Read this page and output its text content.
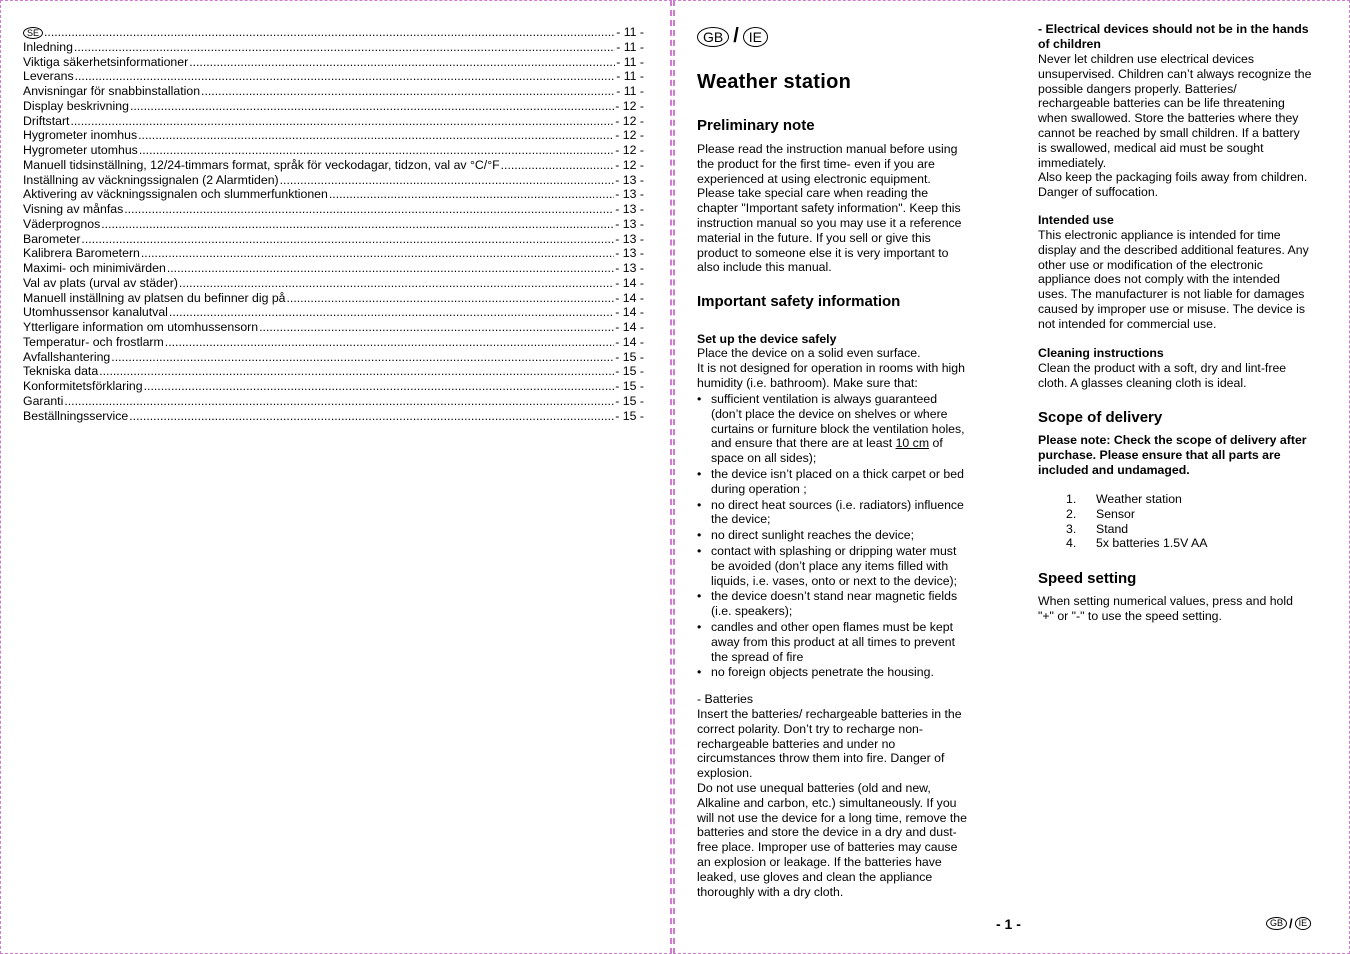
SE .....	- 11 -
Inledning .....	- 11 -
Viktiga säkerhetsinformationer .....	- 11 -
Leverans .....	- 11 -
Anvisningar för snabbinstallation .....	- 11 -
Display beskrivning .....	- 12 -
Driftstart .....	- 12 -
Hygrometer inomhus .....	- 12 -
Hygrometer utomhus .....	- 12 -
Manuell tidsinställning, 12/24-timmars format, språk för veckodagar, tidzon, val av °C/°F .....	- 12 -
Inställning av väckningssignalen (2 Alarmtiden) .....	- 13 -
Aktivering av väckningssignalen och slummerfunktionen .....	- 13 -
Visning av månfas .....	- 13 -
Väderprognos .....	- 13 -
Barometer .....	- 13 -
Kalibrera Barometern .....	- 13 -
Maximi- och minimivärden .....	- 13 -
Val av plats (urval av städer) .....	- 14 -
Manuell inställning av platsen du befinner dig på .....	- 14 -
Utomhussensor kanalutval .....	- 14 -
Ytterligare information om utomhussensorn .....	- 14 -
Temperatur- och frostlarm .....	- 14 -
Avfallshantering .....	- 15 -
Tekniska data .....	- 15 -
Konformitetsförklaring .....	- 15 -
Garanti .....	- 15 -
Beställningsservice .....	- 15 -
GB / IE
Weather station
Preliminary note
Please read the instruction manual before using
the product for the first time- even if you are
experienced at using electronic equipment.
Please take special care when reading the
chapter "Important safety information". Keep this
instruction manual so you may use it a reference
material in the future. If you sell or give this
product to someone else it is very important to
also include this manual.
Important safety information
Set up the device safely
Place the device on a solid even surface.
It is not designed for operation in rooms with high
humidity (i.e. bathroom). Make sure that:
• sufficient ventilation is always guaranteed
(don’t place the device on shelves or where
curtains or furniture block the ventilation holes,
and ensure that there are at least 10 cm of
space on all sides);
• the device isn’t placed on a thick carpet or bed
during operation ;
• no direct heat sources (i.e. radiators) influence
the device;
• no direct sunlight reaches the device;
• contact with splashing or dripping water must
be avoided (don’t place any items filled with
liquids, i.e. vases, onto or next to the device);
• the device doesn’t stand near magnetic fields
(i.e. speakers);
• candles and other open flames must be kept
away from this product at all times to prevent
the spread of fire
• no foreign objects penetrate the housing.
- Batteries
Insert the batteries/ rechargeable batteries in the
correct polarity. Don’t try to recharge non-
rechargeable batteries and under no
circumstances throw them into fire. Danger of
explosion.
Do not use unequal batteries (old and new,
Alkaline and carbon, etc.) simultaneously. If you
will not use the device for a long time, remove the
batteries and store the device in a dry and dust-
free place. Improper use of batteries may cause
an explosion or leakage. If the batteries have
leaked, use gloves and clean the appliance
thoroughly with a dry cloth.
- Electrical devices should not be in the hands
of children
Never let children use electrical devices
unsupervised. Children can’t always recognize the
possible dangers properly. Batteries/
rechargeable batteries can be life threatening
when swallowed. Store the batteries where they
cannot be reached by small children. If a battery
is swallowed, medical aid must be sought
immediately.
Also keep the packaging foils away from children.
Danger of suffocation.
Intended use
This electronic appliance is intended for time
display and the described additional features. Any
other use or modification of the electronic
appliance does not comply with the intended
uses. The manufacturer is not liable for damages
caused by improper use or misuse. The device is
not intended for commercial use.
Cleaning instructions
Clean the product with a soft, dry and lint-free
cloth. A glasses cleaning cloth is ideal.
Scope of delivery
Please note: Check the scope of delivery after
purchase. Please ensure that all parts are
included and undamaged.
1.	Weather station
2.	Sensor
3.	Stand
4.	5x batteries 1.5V AA
Speed setting
When setting numerical values, press and hold
"+" or "-" to use the speed setting.
- 1 -	GB / IE
